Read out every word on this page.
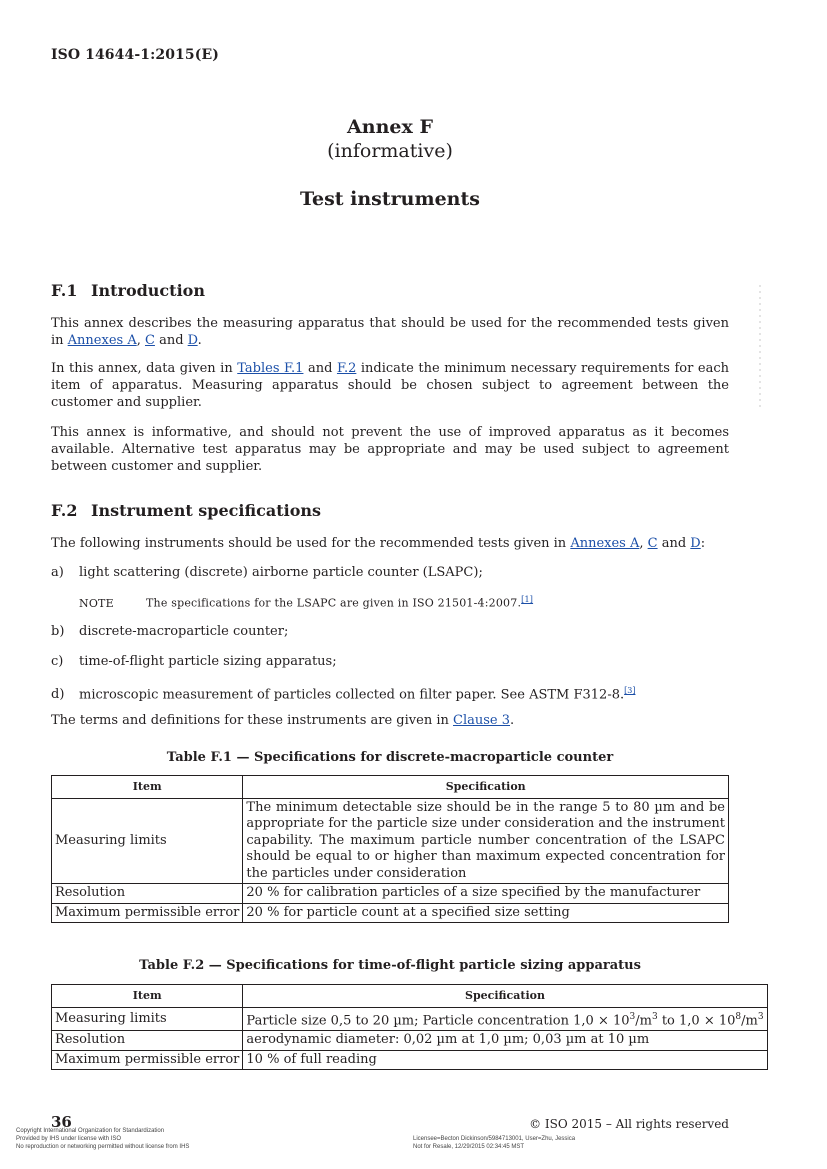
ISO 14644-1:2015(E)
Annex F
(informative)
Test instruments
F.1 Introduction
This annex describes the measuring apparatus that should be used for the recommended tests given in Annexes A, C and D.
In this annex, data given in Tables F.1 and F.2 indicate the minimum necessary requirements for each item of apparatus. Measuring apparatus should be chosen subject to agreement between the customer and supplier.
This annex is informative, and should not prevent the use of improved apparatus as it becomes available. Alternative test apparatus may be appropriate and may be used subject to agreement between customer and supplier.
F.2 Instrument specifications
The following instruments should be used for the recommended tests given in Annexes A, C and D:
a) light scattering (discrete) airborne particle counter (LSAPC);
NOTE	The specifications for the LSAPC are given in ISO 21501-4:2007.[1]
b) discrete-macroparticle counter;
c) time-of-flight particle sizing apparatus;
d) microscopic measurement of particles collected on filter paper. See ASTM F312-8.[3]
The terms and definitions for these instruments are given in Clause 3.
Table F.1 — Specifications for discrete-macroparticle counter
Item	Specification
Measuring limits	The minimum detectable size should be in the range 5 to 80 µm and be appropriate for the particle size under consideration and the instrument capability. The maximum particle number concentration of the LSAPC should be equal to or higher than maximum expected concentration for the particles under consideration
Resolution	20 % for calibration particles of a size specified by the manufacturer
Maximum permissible error	20 % for particle count at a specified size setting
Table F.2 — Specifications for time-of-flight particle sizing apparatus
Item	Specification
Measuring limits	Particle size 0,5 to 20 µm; Particle concentration $1,0 \times 10^3/m^3$ to $1,0 \times 10^8/m^3$
Resolution	aerodynamic diameter: 0,02 µm at 1,0 µm; 0,03 µm at 10 µm
Maximum permissible error	10 % of full reading
36	© ISO 2015 – All rights reserved
Copyright International Organization for Standardization
Provided by IHS under license with ISO
No reproduction or networking permitted without license from IHS
Licensee=Becton Dickinson/5984713001, User=Zhu, Jessica
Not for Resale, 12/29/2015 02:34:45 MST
